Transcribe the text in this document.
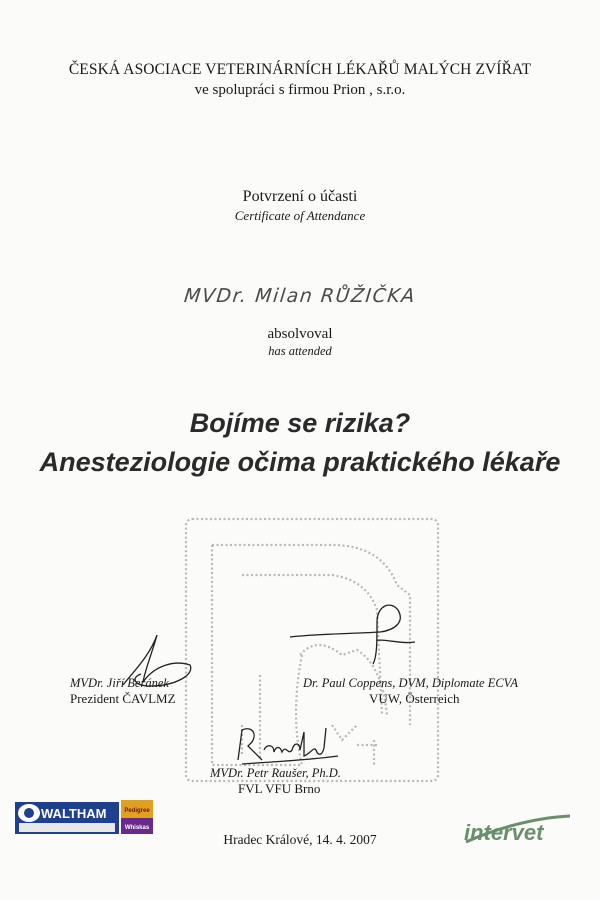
ČESKÁ ASOCIACE VETERINÁRNÍCH LÉKAŘŮ MALÝCH ZVÍŘAT
ve spolupráci s firmou Prion , s.r.o.
Potvrzení o účasti
Certificate of Attendance
MVDr. Milan RŮŽIČKA
absolvoval
has attended
Bojíme se rizika?
Anesteziologie očima praktického lékaře
MVDr. Jiří Beránek
Prezident ČAVLMZ
Dr. Paul Coppens, DVM, Diplomate ECVA
VUW, Österreich
MVDr. Petr Raušer, Ph.D.
FVL VFU Brno
Hradec Králové, 14. 4. 2007
WALTHAM	Pedigree
Whiskas	intervet
